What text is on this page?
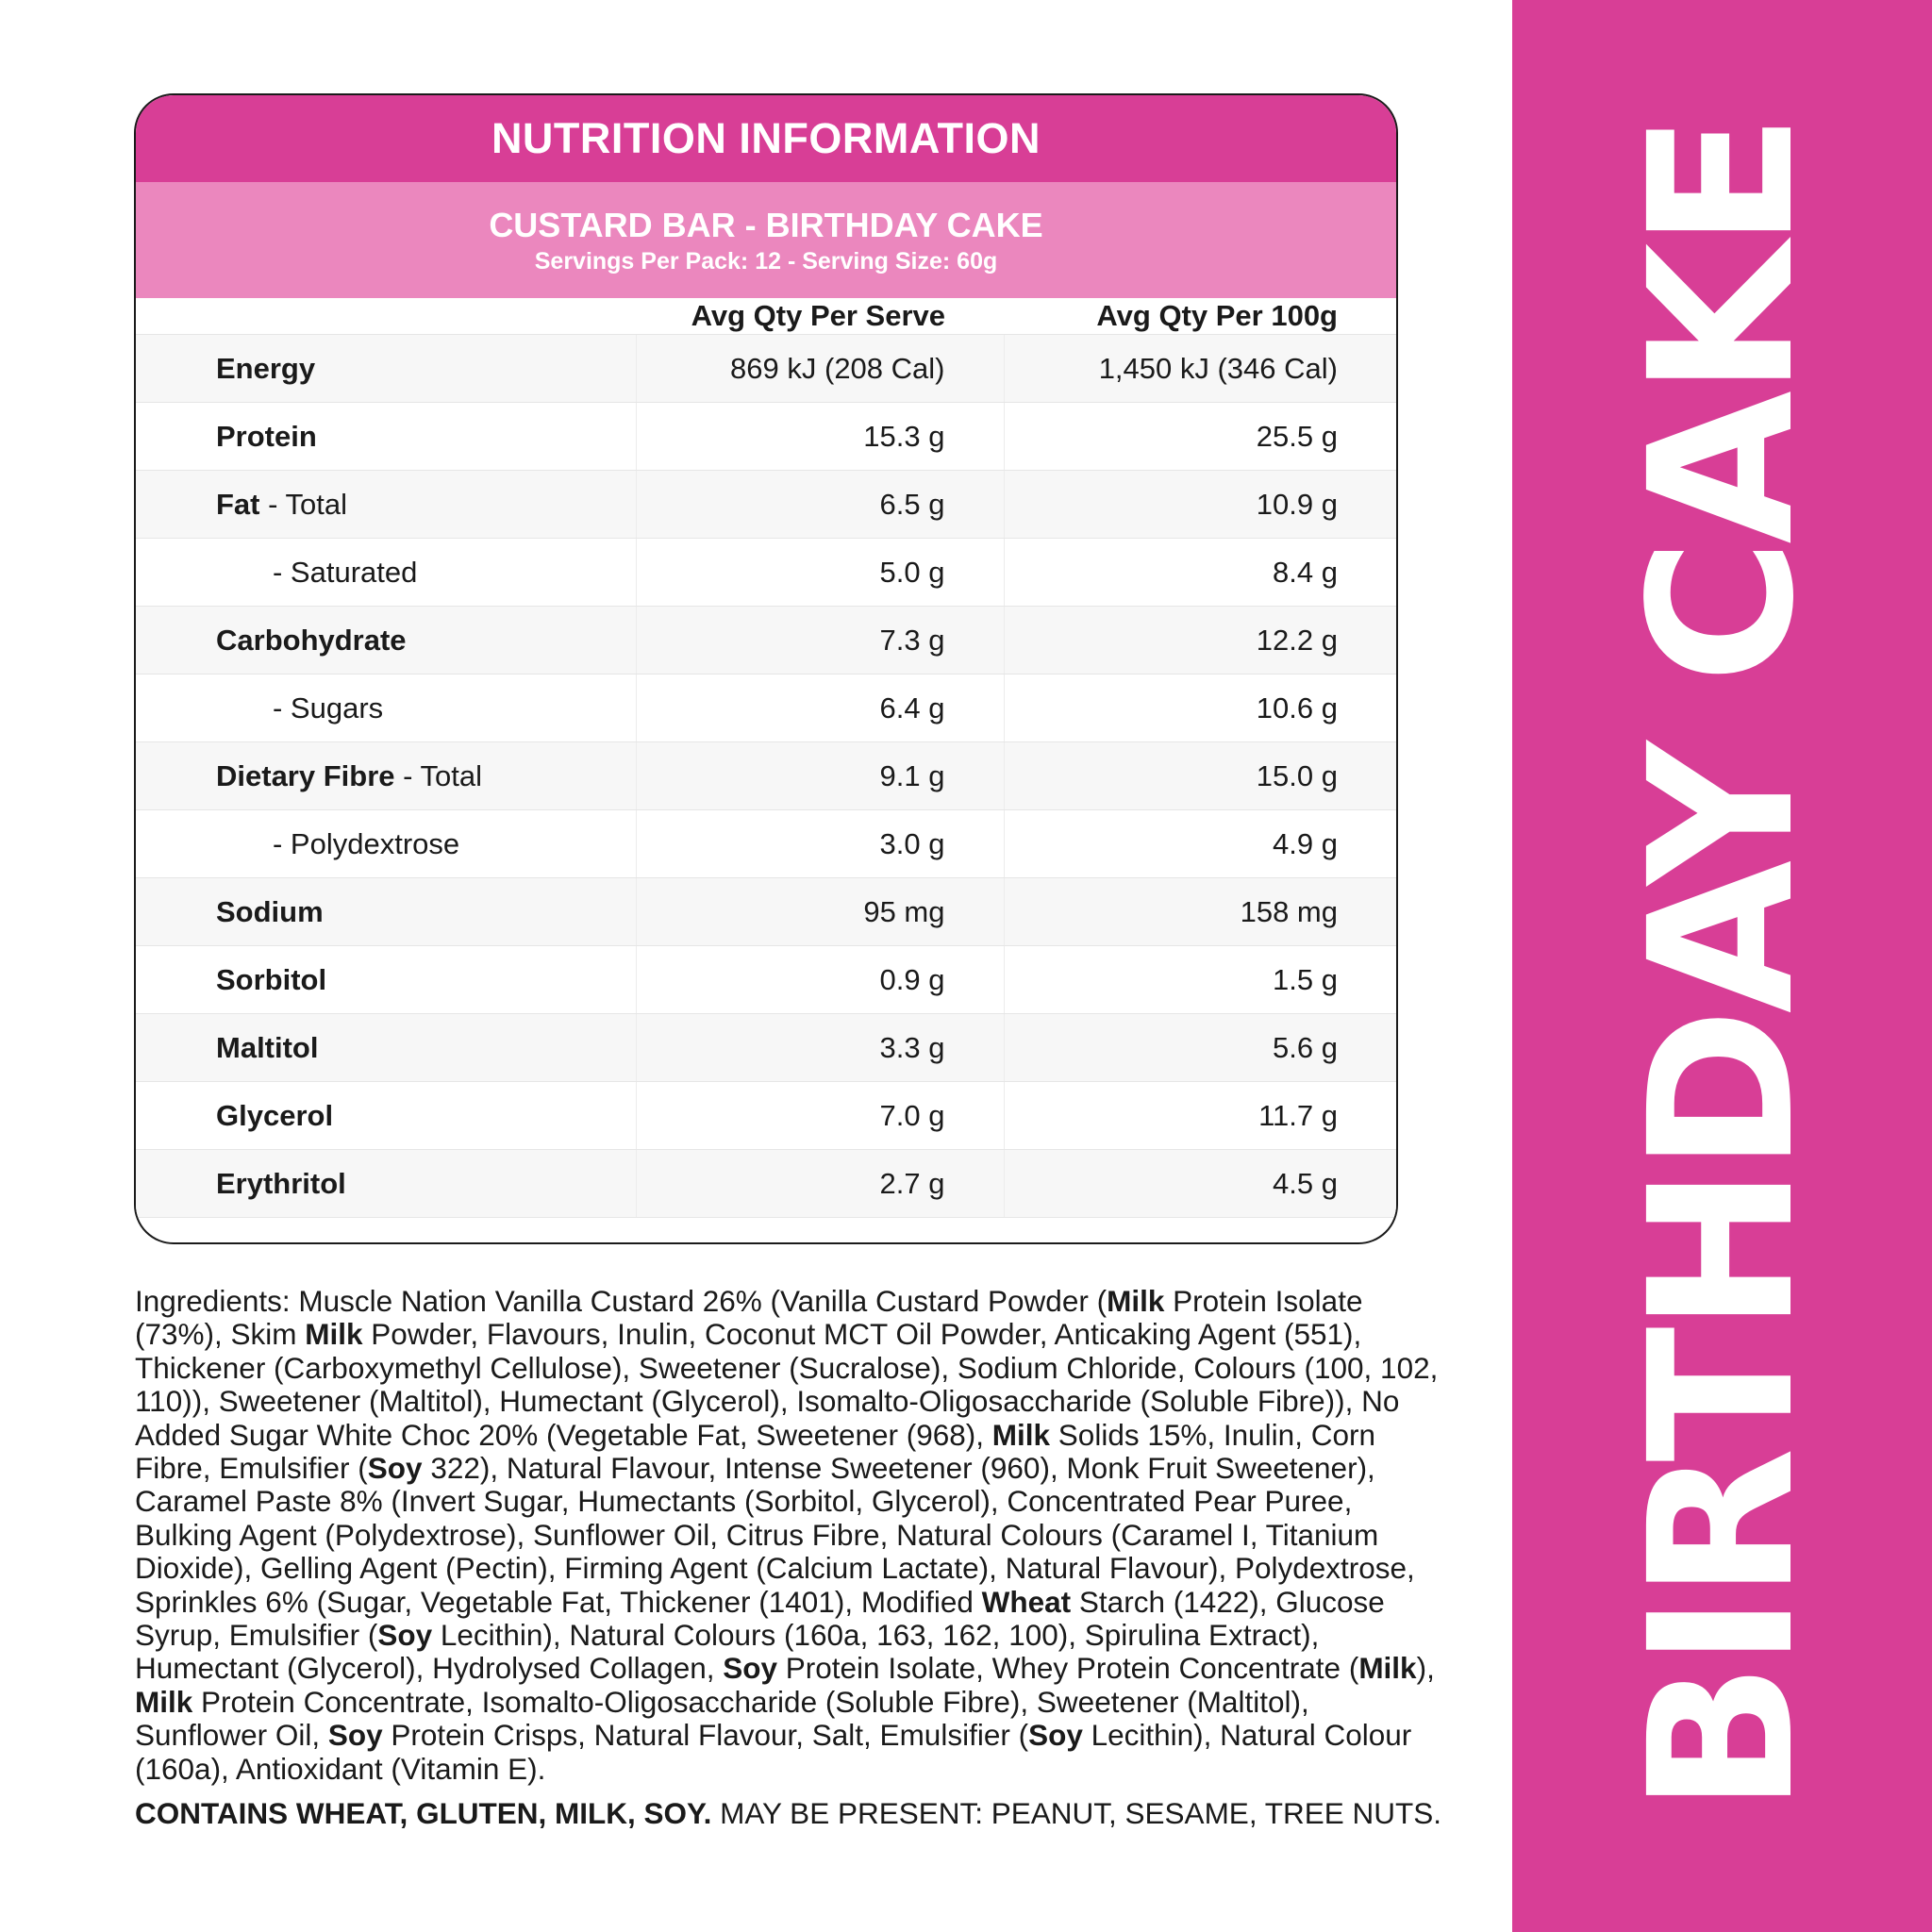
NUTRITION INFORMATION
CUSTARD BAR - BIRTHDAY CAKE
Servings Per Pack: 12 - Serving Size: 60g
	Avg Qty Per Serve	Avg Qty Per 100g
Energy	869 kJ (208 Cal)	1,450 kJ (346 Cal)
Protein	15.3 g	25.5 g
Fat - Total	6.5 g	10.9 g
- Saturated	5.0 g	8.4 g
Carbohydrate	7.3 g	12.2 g
- Sugars	6.4 g	10.6 g
Dietary Fibre - Total	9.1 g	15.0 g
- Polydextrose	3.0 g	4.9 g
Sodium	95 mg	158 mg
Sorbitol	0.9 g	1.5 g
Maltitol	3.3 g	5.6 g
Glycerol	7.0 g	11.7 g
Erythritol	2.7 g	4.5 g

Ingredients: Muscle Nation Vanilla Custard 26% (Vanilla Custard Powder (Milk Protein Isolate (73%), Skim Milk Powder, Flavours, Inulin, Coconut MCT Oil Powder, Anticaking Agent (551), Thickener (Carboxymethyl Cellulose), Sweetener (Sucralose), Sodium Chloride, Colours (100, 102, 110)), Sweetener (Maltitol), Humectant (Glycerol), Isomalto-Oligosaccharide (Soluble Fibre)), No Added Sugar White Choc 20% (Vegetable Fat, Sweetener (968), Milk Solids 15%, Inulin, Corn Fibre, Emulsifier (Soy 322), Natural Flavour, Intense Sweetener (960), Monk Fruit Sweetener), Caramel Paste 8% (Invert Sugar, Humectants (Sorbitol, Glycerol), Concentrated Pear Puree, Bulking Agent (Polydextrose), Sunflower Oil, Citrus Fibre, Natural Colours (Caramel I, Titanium Dioxide), Gelling Agent (Pectin), Firming Agent (Calcium Lactate), Natural Flavour), Polydextrose, Sprinkles 6% (Sugar, Vegetable Fat, Thickener (1401), Modified Wheat Starch (1422), Glucose Syrup, Emulsifier (Soy Lecithin), Natural Colours (160a, 163, 162, 100), Spirulina Extract), Humectant (Glycerol), Hydrolysed Collagen, Soy Protein Isolate, Whey Protein Concentrate (Milk), Milk Protein Concentrate, Isomalto-Oligosaccharide (Soluble Fibre), Sweetener (Maltitol), Sunflower Oil, Soy Protein Crisps, Natural Flavour, Salt, Emulsifier (Soy Lecithin), Natural Colour (160a), Antioxidant (Vitamin E).

CONTAINS WHEAT, GLUTEN, MILK, SOY. MAY BE PRESENT: PEANUT, SESAME, TREE NUTS. BIRTHDAY CAKE
